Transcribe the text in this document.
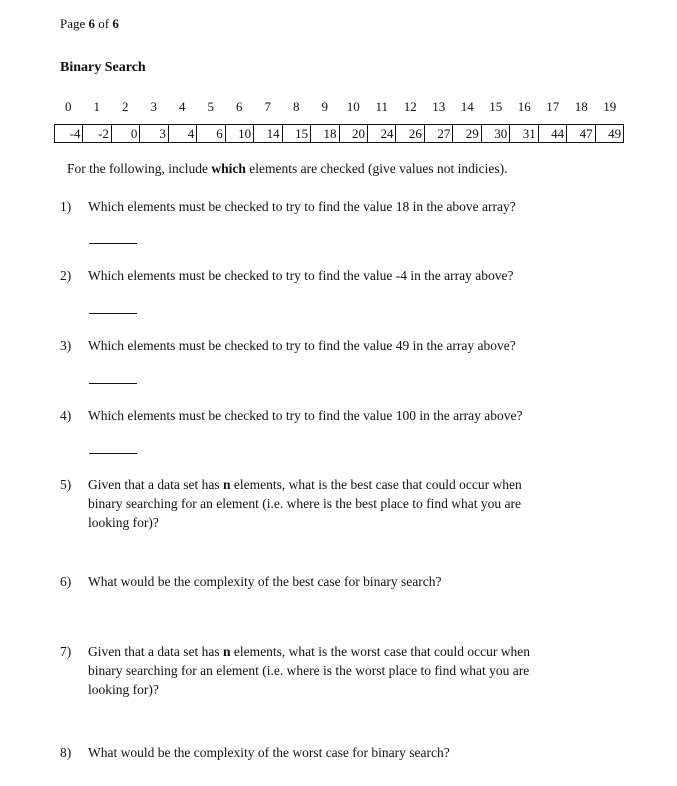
Page 6 of 6
Binary Search
0	1	2	3	4	5	6	7	8	9	10	11	12	13	14	15	16	17	18	19
-4	-2	0	3	4	6	10	14	15	18	20	24	26	27	29	30	31	44	47	49
For the following, include which elements are checked (give values not indicies).
1)	Which elements must be checked to try to find the value 18 in the above array?
2)	Which elements must be checked to try to find the value -4 in the array above?
3)	Which elements must be checked to try to find the value 49 in the array above?
4)	Which elements must be checked to try to find the value 100 in the array above?
5)	Given that a data set has n elements, what is the best case that could occur when binary searching for an element (i.e. where is the best place to find what you are looking for)?
6)	What would be the complexity of the best case for binary search?
7)	Given that a data set has n elements, what is the worst case that could occur when binary searching for an element (i.e. where is the worst place to find what you are looking for)?
8)	What would be the complexity of the worst case for binary search?
